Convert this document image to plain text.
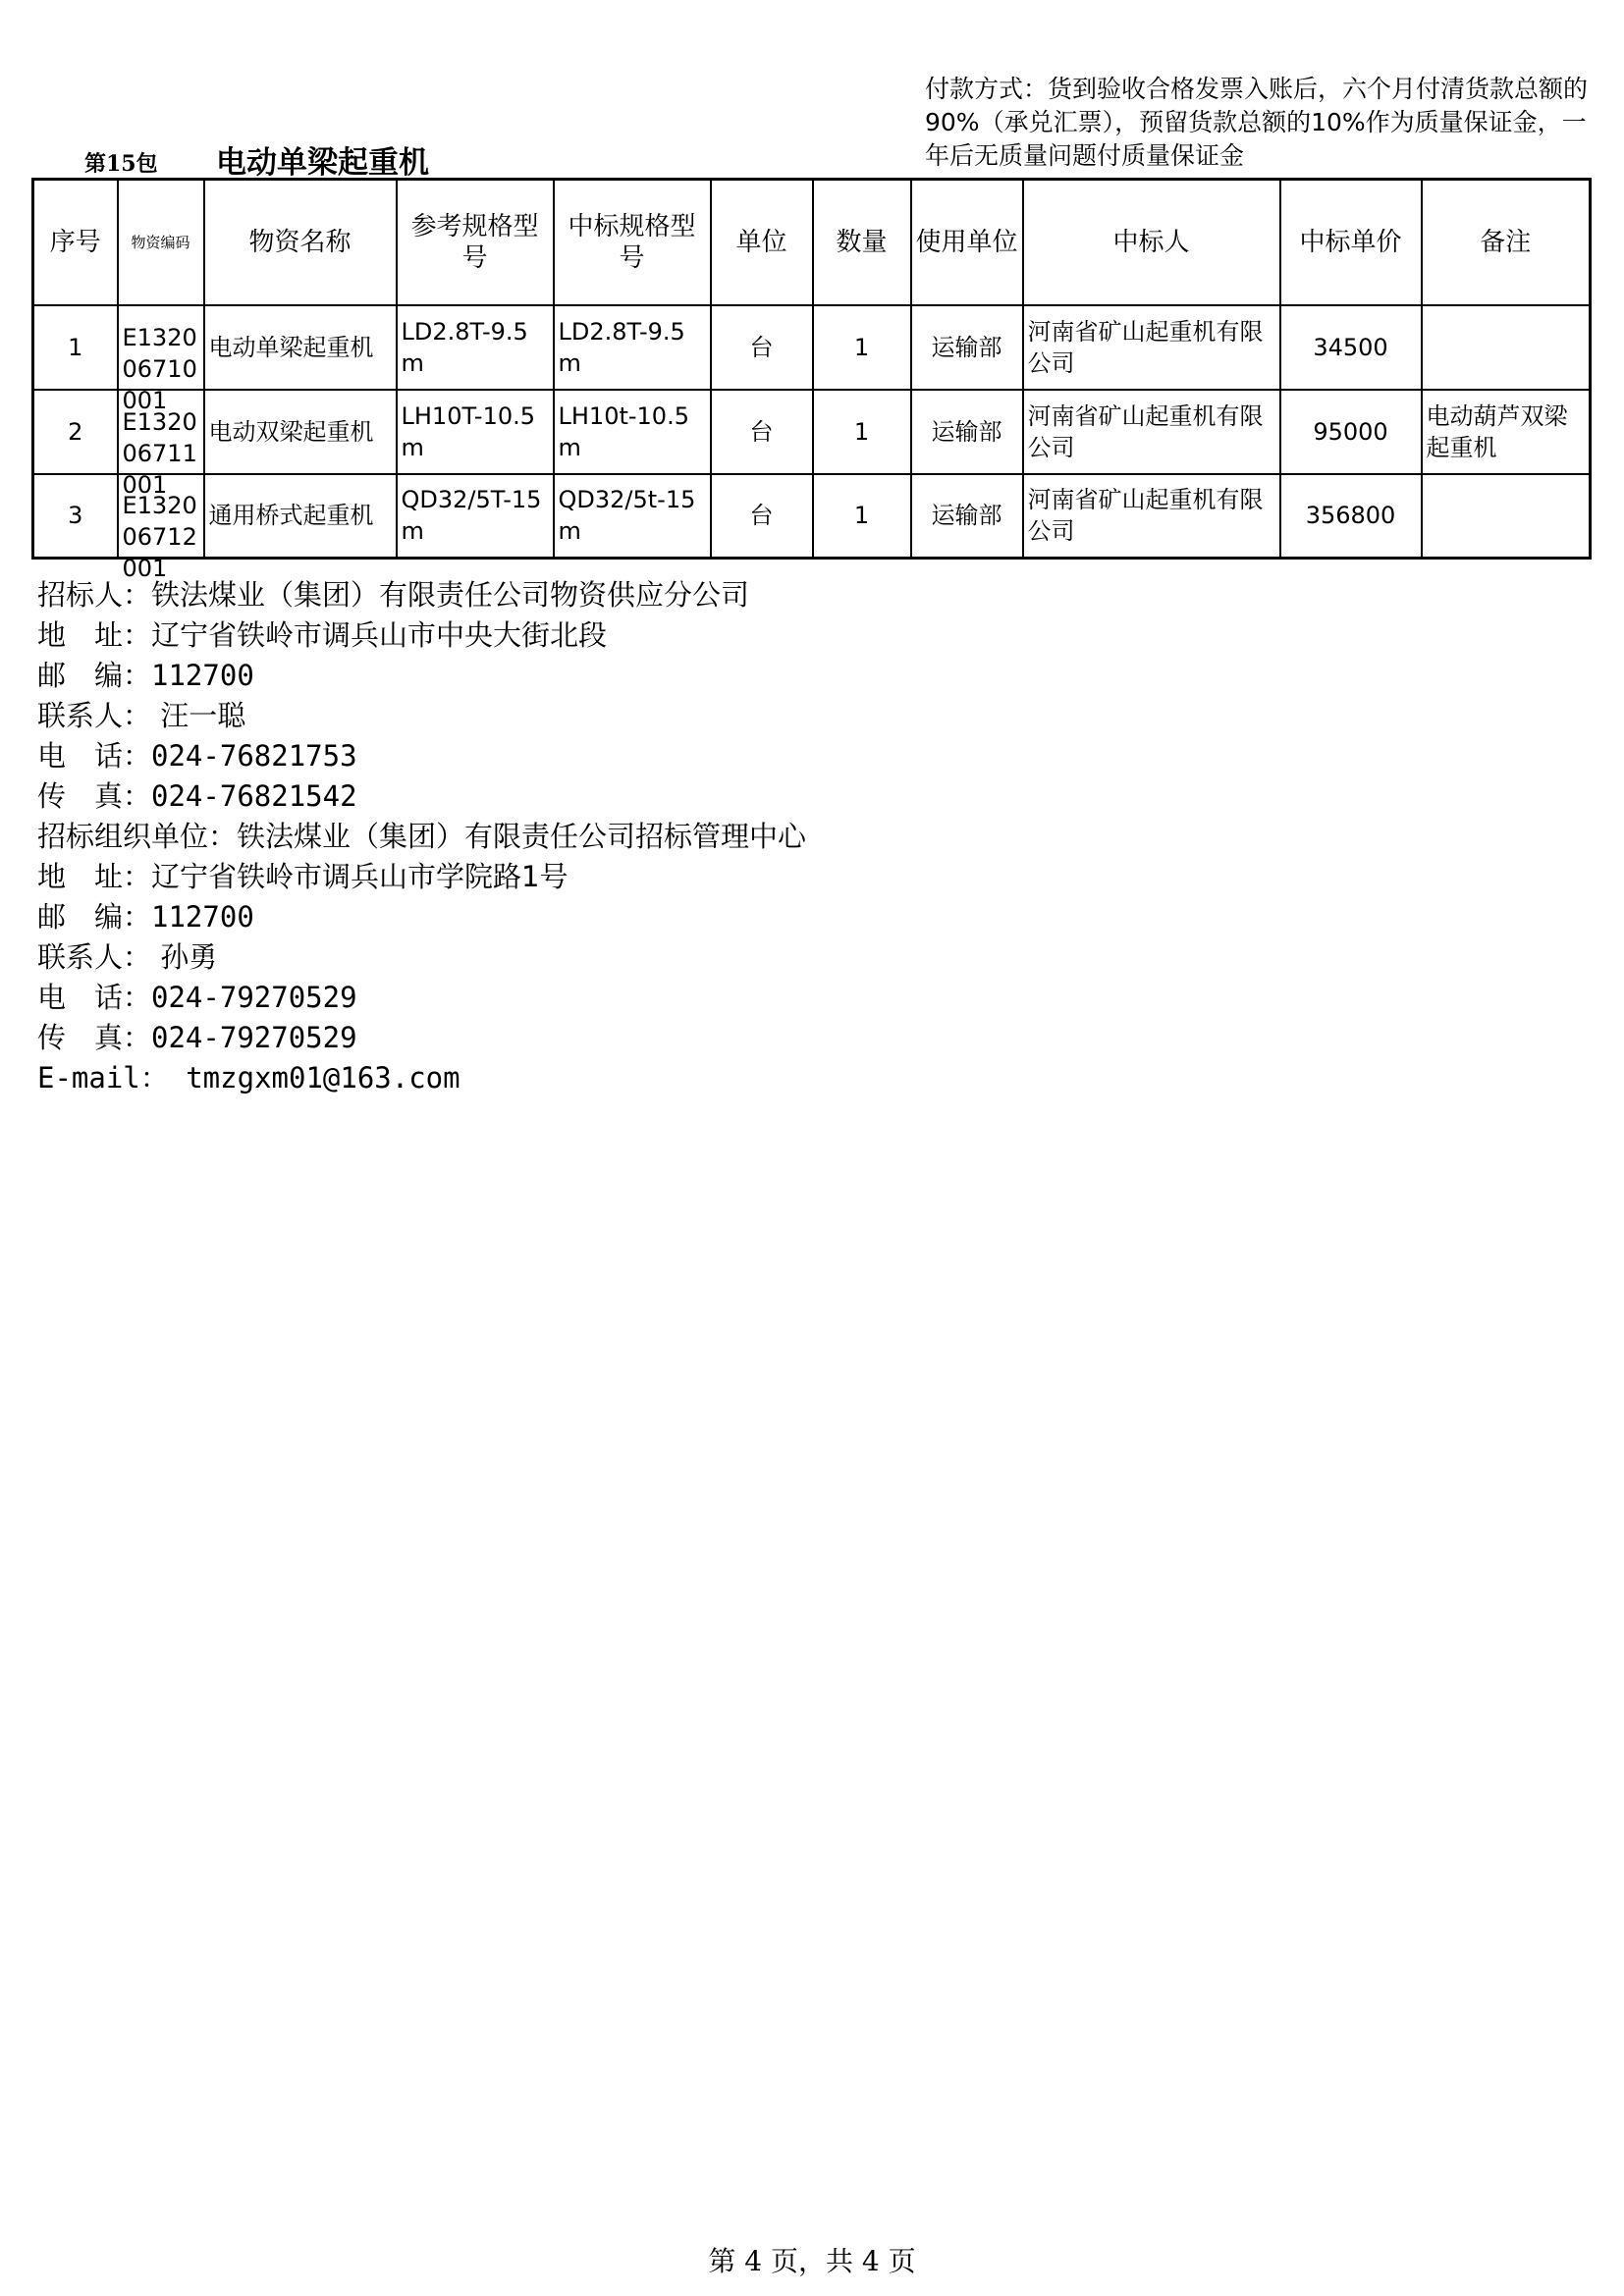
付款方式：货到验收合格发票入账后，六个月付清货款总额的90%（承兑汇票），预留货款总额的10%作为质量保证金，一年后无质量问题付质量保证金
第15包 电动单梁起重机
序号	物资编码	物资名称	参考规格型号	中标规格型号	单位	数量	使用单位	中标人	中标单价	备注
1	E132006710001	电动单梁起重机	LD2.8T-9.5m	LD2.8T-9.5m	台	1	运输部	河南省矿山起重机有限公司	34500	
2	E132006711001	电动双梁起重机	LH10T-10.5m	LH10t-10.5m	台	1	运输部	河南省矿山起重机有限公司	95000	电动葫芦双梁起重机
3	E132006712001	通用桥式起重机	QD32/5T-15m	QD32/5t-15m	台	1	运输部	河南省矿山起重机有限公司	356800	
招标人：铁法煤业（集团）有限责任公司物资供应分公司
地　址：辽宁省铁岭市调兵山市中央大街北段
邮　编：112700
联系人： 汪一聪
电　话：024-76821753
传　真：024-76821542
招标组织单位：铁法煤业（集团）有限责任公司招标管理中心
地　址：辽宁省铁岭市调兵山市学院路1号
邮　编：112700
联系人： 孙勇
电　话：024-79270529
传　真：024-79270529
E-mail： tmzgxm01@163.com
第 4 页，共 4 页
